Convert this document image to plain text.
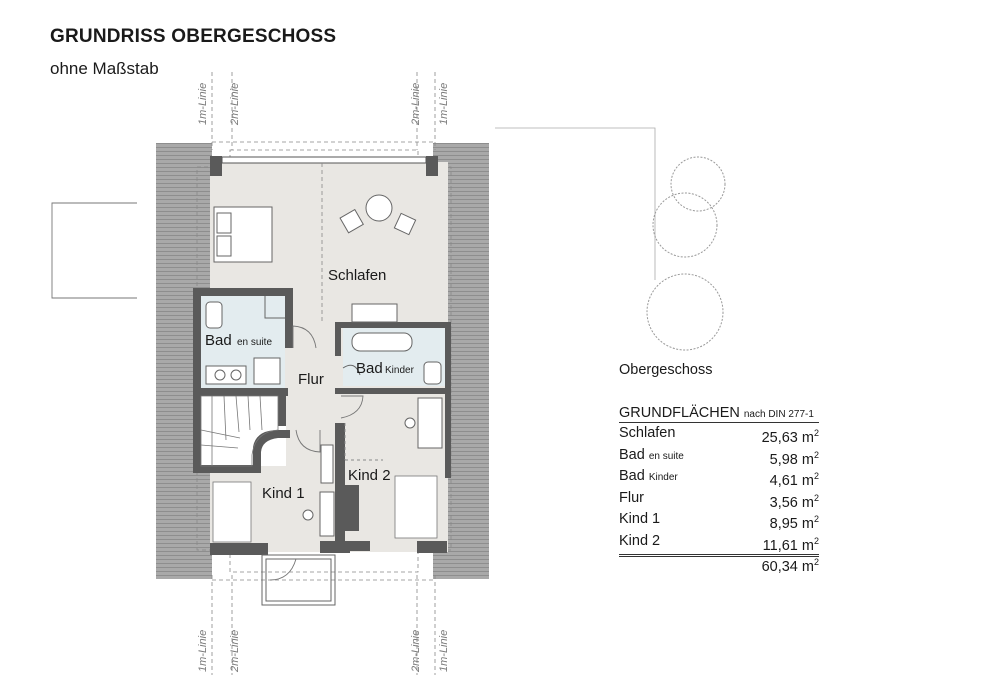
GRUNDRISS OBERGESCHOSS
ohne Maßstab
1m-Linie 2m-Linie	2m-Linie 1m-Linie
1m-Linie 2m-Linie	2m-Linie 1m-Linie
Schlafen
Bad en suite
Flur
Bad Kinder
Kind 2
Kind 1
Obergeschoss
GRUNDFLÄCHEN nach DIN 277-1
Schlafen	25,63 $m^2$
Bad en suite	5,98 $m^2$
Bad Kinder	4,61 $m^2$
Flur	3,56 $m^2$
Kind 1	8,95 $m^2$
Kind 2	11,61 $m^2$
60,34 $m^2$
